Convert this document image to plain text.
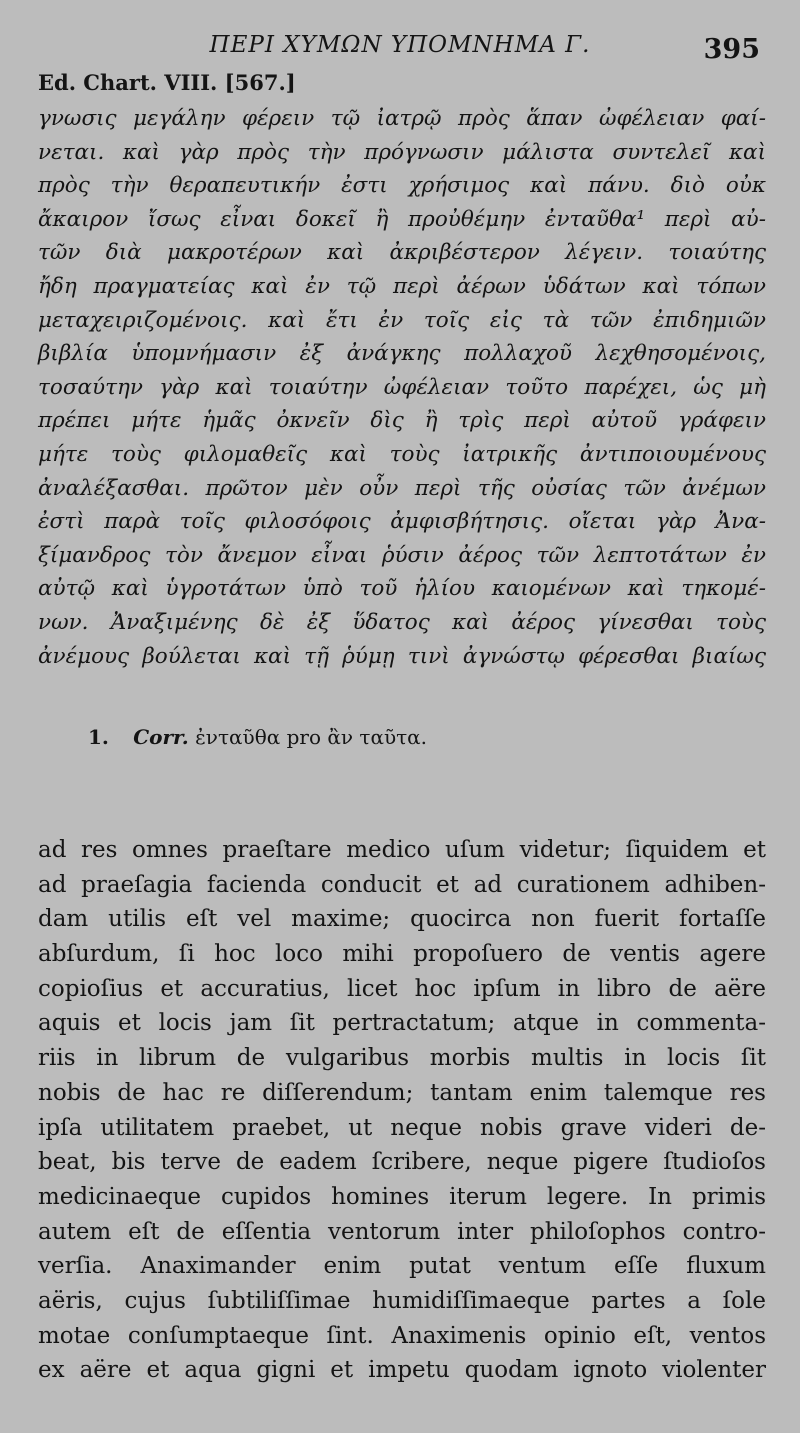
ΠΕΡΙ ΧΥΜΩΝ ΥΠΟΜΝΗΜΑ Γ.	395
Ed. Chart. VIII. [567.]
γνωσις μεγάλην φέρειν τῷ ἰατρῷ πρὸς ἅπαν ὠφέλειαν φαί-
νεται. καὶ γὰρ πρὸς τὴν πρόγνωσιν μάλιστα συντελεῖ καὶ
πρὸς τὴν θεραπευτικήν ἐστι χρήσιμος καὶ πάνυ. διὸ οὐκ
ἄκαιρον ἴσως εἶναι δοκεῖ ἢ προὐθέμην ἐνταῦθα¹ περὶ αὐ-
τῶν διὰ μακροτέρων καὶ ἀκριβέστερον λέγειν. τοιαύτης
ἤδη πραγματείας καὶ ἐν τῷ περὶ ἀέρων ὑδάτων καὶ τόπων
μεταχειριζομένοις. καὶ ἔτι ἐν τοῖς εἰς τὰ τῶν ἐπιδημιῶν
βιβλία ὑπομνήμασιν ἐξ ἀνάγκης πολλαχοῦ λεχθησομένοις,
τοσαύτην γὰρ καὶ τοιαύτην ὠφέλειαν τοῦτο παρέχει, ὡς μὴ
πρέπει μήτε ἡμᾶς ὀκνεῖν δὶς ἢ τρὶς περὶ αὐτοῦ γράφειν
μήτε τοὺς φιλομαθεῖς καὶ τοὺς ἰατρικῆς ἀντιποιουμένους
ἀναλέξασθαι. πρῶτον μὲν οὖν περὶ τῆς οὐσίας τῶν ἀνέμων
ἐστὶ παρὰ τοῖς φιλοσόφοις ἀμφισβήτησις. οἴεται γὰρ Ἀνα-
ξίμανδρος τὸν ἄνεμον εἶναι ῥύσιν ἀέρος τῶν λεπτοτάτων ἐν
αὐτῷ καὶ ὑγροτάτων ὑπὸ τοῦ ἡλίου καιομένων καὶ τηκομέ-
νων. Ἀναξιμένης δὲ ἐξ ὕδατος καὶ ἀέρος γίνεσθαι τοὺς
ἀνέμους βούλεται καὶ τῇ ῥύμῃ τινὶ ἀγνώστῳ φέρεσθαι βιαίως
1. Corr. ἐνταῦθα pro ἂν ταῦτα.
ad res omnes praeſtare medico uſum videtur; ſiquidem et
ad praeſagia facienda conducit et ad curationem adhiben-
dam utilis eſt vel maxime; quocirca non fuerit fortaſſe
abſurdum, ſi hoc loco mihi propoſuero de ventis agere
copioſius et accuratius, licet hoc ipſum in libro de aëre
aquis et locis jam ſit pertractatum; atque in commenta-
riis in librum de vulgaribus morbis multis in locis ſit
nobis de hac re diſſerendum; tantam enim talemque res
ipſa utilitatem praebet, ut neque nobis grave videri de-
beat, bis terve de eadem ſcribere, neque pigere ſtudioſos
medicinaeque cupidos homines iterum legere. In primis
autem eſt de eſſentia ventorum inter philoſophos contro-
verſia. Anaximander enim putat ventum eſſe fluxum
aëris, cujus ſubtiliſſimae humidiſſimaeque partes a ſole
motae conſumptaeque ſint. Anaximenis opinio eſt, ventos
ex aëre et aqua gigni et impetu quodam ignoto violenter
